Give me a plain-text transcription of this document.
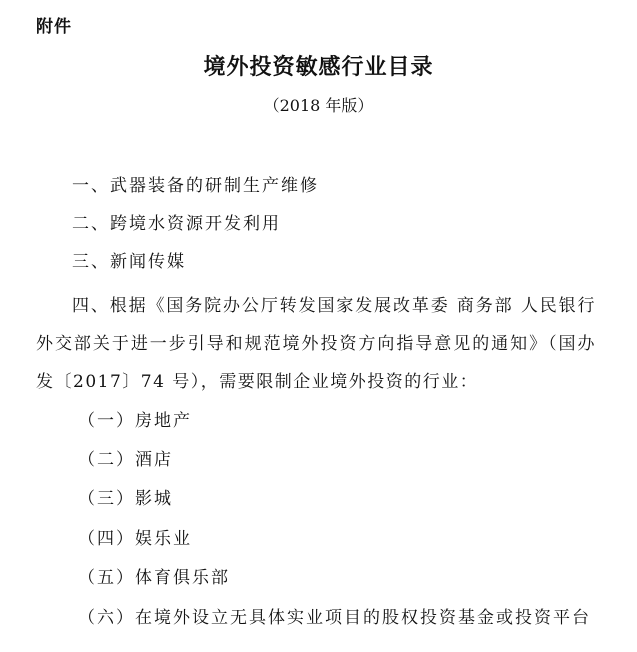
附件
境外投资敏感行业目录
（2018 年版）
一、武器装备的研制生产维修
二、跨境水资源开发利用
三、新闻传媒
四、根据《国务院办公厅转发国家发展改革委 商务部 人民银行 外交部关于进一步引导和规范境外投资方向指导意见的通知》（国办发〔2017〕74 号），需要限制企业境外投资的行业：
（一）房地产
（二）酒店
（三）影城
（四）娱乐业
（五）体育俱乐部
（六）在境外设立无具体实业项目的股权投资基金或投资平台
